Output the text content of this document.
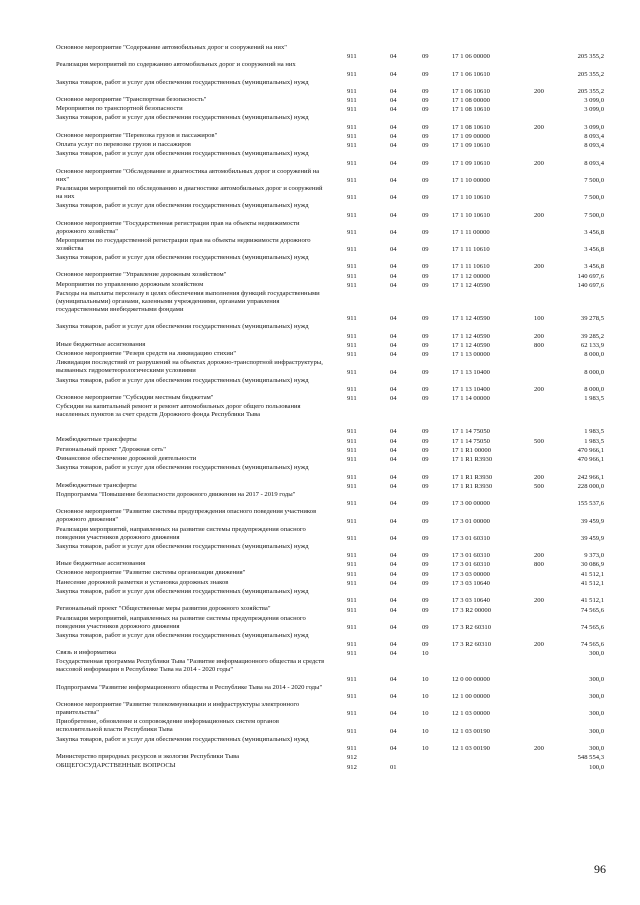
Основное мероприятие "Содержание автомобильных дорог и сооружений на них"
911	04	09	17 1 06 00000	205 355,2
Реализация мероприятий по содержанию автомобильных дорог и сооружений на них
911	04	09	17 1 06 10610	205 355,2
Закупка товаров, работ и услуг для обеспечения государственных (муниципальных) нужд
911	04	09	17 1 06 10610	200	205 355,2
Основное мероприятие "Транспортная безопасность"	911	04	09	17 1 08 00000	3 099,0
Мероприятия по транспортной безопасности	911	04	09	17 1 08 10610	3 099,0
Закупка товаров, работ и услуг для обеспечения государственных (муниципальных) нужд
911	04	09	17 1 08 10610	200	3 099,0
Основное мероприятие "Перевозка грузов и пассажиров"	911	04	09	17 1 09 00000	8 093,4
Оплата услуг по перевозке грузов и пассажиров	911	04	09	17 1 09 10610	8 093,4
Закупка товаров, работ и услуг для обеспечения государственных (муниципальных) нужд
911	04	09	17 1 09 10610	200	8 093,4
Основное мероприятие "Обследование и диагностика автомобильных дорог и сооружений на них"	911	04	09	17 1 10 00000	7 500,0
Реализация мероприятий по обследованию и диагностике автомобильных дорог и сооружений на них	911	04	09	17 1 10 10610	7 500,0
Закупка товаров, работ и услуг для обеспечения государственных (муниципальных) нужд
911	04	09	17 1 10 10610	200	7 500,0
Основное мероприятие "Государственная регистрация прав на объекты недвижимости дорожного хозяйства"	911	04	09	17 1 11 00000	3 456,8
Мероприятия по государственной регистрации прав на объекты недвижимости дорожного хозяйства	911	04	09	17 1 11 10610	3 456,8
Закупка товаров, работ и услуг для обеспечения государственных (муниципальных) нужд
911	04	09	17 1 11 10610	200	3 456,8
Основное мероприятие "Управление дорожным хозяйством"	911	04	09	17 1 12 00000	140 697,6
Мероприятия по управлению дорожным хозяйством	911	04	09	17 1 12 40590	140 697,6
Расходы на выплаты персоналу в целях обеспечения выполнения функций государственными (муниципальными) органами, казенными учреждениями, органами управления государственными внебюджетными фондами
911	04	09	17 1 12 40590	100	39 278,5
Закупка товаров, работ и услуг для обеспечения государственных (муниципальных) нужд
911	04	09	17 1 12 40590	200	39 285,2
Иные бюджетные ассигнования	911	04	09	17 1 12 40590	800	62 133,9
Основное мероприятие "Резерв средств на ликвидацию стихии"	911	04	09	17 1 13 00000	8 000,0
Ликвидация последствий от разрушений на объектах дорожно-транспортной инфраструктуры, вызванных гидрометеорологическими условиями	911	04	09	17 1 13 10400	8 000,0
Закупка товаров, работ и услуг для обеспечения государственных (муниципальных) нужд
911	04	09	17 1 13 10400	200	8 000,0
Основное мероприятие "Субсидии местным бюджетам"	911	04	09	17 1 14 00000	1 983,5
Субсидии на капитальный ремонт и ремонт автомобильных дорог общего пользования населенных пунктов за счет средств Дорожного фонда Республики Тыва
911	04	09	17 1 14 75050	1 983,5
Межбюджетные трансферты	911	04	09	17 1 14 75050	500	1 983,5
Региональный проект "Дорожная сеть"	911	04	09	17 1 R1 00000	470 966,1
Финансовое обеспечение дорожной деятельности	911	04	09	17 1 R1 R3930	470 966,1
Закупка товаров, работ и услуг для обеспечения государственных (муниципальных) нужд
911	04	09	17 1 R1 R3930	200	242 966,1
Межбюджетные трансферты	911	04	09	17 1 R1 R3930	500	228 000,0
Подпрограмма "Повышение безопасности дорожного движения на 2017 - 2019 годы"
911	04	09	17 3 00 00000	155 537,6
Основное мероприятие "Развитие системы предупреждения опасного поведения участников дорожного движения"	911	04	09	17 3 01 00000	39 459,9
Реализация мероприятий, направленных на развитие системы предупреждения опасного поведения участников дорожного движения	911	04	09	17 3 01 60310	39 459,9
Закупка товаров, работ и услуг для обеспечения государственных (муниципальных) нужд
911	04	09	17 3 01 60310	200	9 373,0
Иные бюджетные ассигнования	911	04	09	17 3 01 60310	800	30 086,9
Основное мероприятие "Развитие системы организации движения"	911	04	09	17 3 03 00000	41 512,1
Нанесение дорожной разметки и установка дорожных знаков	911	04	09	17 3 03 10640	41 512,1
Закупка товаров, работ и услуг для обеспечения государственных (муниципальных) нужд
911	04	09	17 3 03 10640	200	41 512,1
Региональный проект "Общественные меры развития дорожного хозяйства"	911	04	09	17 3 R2 00000	74 565,6
Реализация мероприятий, направленных на развитие системы предупреждения опасного поведения участников дорожного движения	911	04	09	17 3 R2 60310	74 565,6
Закупка товаров, работ и услуг для обеспечения государственных (муниципальных) нужд
911	04	09	17 3 R2 60310	200	74 565,6
Связь и информатика	911	04	10	300,0
Государственная программа Республики Тыва "Развитие информационного общества и средств массовой информации в Республике Тыва на 2014 - 2020 годы"
911	04	10	12 0 00 00000	300,0
Подпрограмма "Развитие информационного общества в Республике Тыва на 2014 - 2020 годы"
911	04	10	12 1 00 00000	300,0
Основное мероприятие "Развитие телекоммуникации и инфраструктуры электронного правительства"	911	04	10	12 1 03 00000	300,0
Приобретение, обновление и сопровождение информационных систем органов исполнительной власти Республики Тыва	911	04	10	12 1 03 00190	300,0
Закупка товаров, работ и услуг для обеспечения государственных (муниципальных) нужд
911	04	10	12 1 03 00190	200	300,0
Министерство природных ресурсов и экологии Республики Тыва	912	548 554,3
ОБЩЕГОСУДАРСТВЕННЫЕ ВОПРОСЫ	912	01	100,0
96
